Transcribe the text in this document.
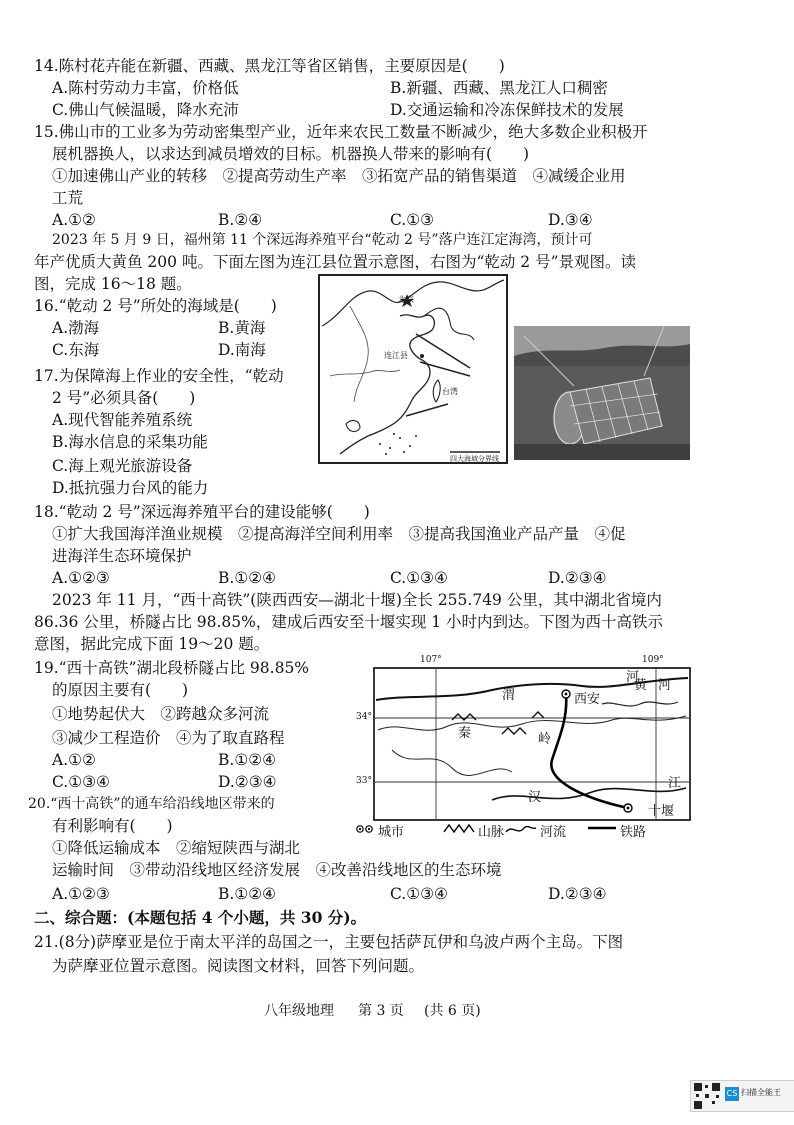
14.陈村花卉能在新疆、西藏、黑龙江等省区销售，主要原因是(　　)
A.陈村劳动力丰富，价格低	B.新疆、西藏、黑龙江人口稠密
C.佛山气候温暖，降水充沛	D.交通运输和冷冻保鲜技术的发展
15.佛山市的工业多为劳动密集型产业，近年来农民工数量不断减少，绝大多数企业积极开
展机器换人，以求达到减员增效的目标。机器换人带来的影响有(　　)
①加速佛山产业的转移　②提高劳动生产率　③拓宽产品的销售渠道　④减缓企业用
工荒
A.①②	B.②④	C.①③	D.③④
2023 年 5 月 9 日，福州第 11 个深远海养殖平台“乾动 2 号”落户连江定海湾，预计可
年产优质大黄鱼 200 吨。下面左图为连江县位置示意图，右图为“乾动 2 号”景观图。读
图，完成 16～18 题。
16.“乾动 2 号”所处的海域是(　　)
A.渤海	B.黄海
C.东海	D.南海
17.为保障海上作业的安全性，“乾动
2 号”必须具备(　　)
A.现代智能养殖系统
B.海水信息的采集功能
C.海上观光旅游设备
D.抵抗强力台风的能力
北京
连江县
台湾
四大海域分界线
18.“乾动 2 号”深远海养殖平台的建设能够(　　)
①扩大我国海洋渔业规模　②提高海洋空间利用率　③提高我国渔业产品产量　④促
进海洋生态环境保护
A.①②③	B.①②④	C.①③④	D.②③④
2023 年 11 月，“西十高铁”(陕西西安—湖北十堰)全长 255.749 公里，其中湖北省境内
86.36 公里，桥隧占比 98.85%，建成后西安至十堰实现 1 小时内到达。下图为西十高铁示
意图，据此完成下面 19～20 题。
19.“西十高铁”湖北段桥隧占比 98.85%
的原因主要有(　　)
①地势起伏大　②跨越众多河流
③减少工程造价　④为了取直路程
A.①②	B.①②④
C.①③④	D.②③④
107°	109°
34°
33°
西安
渭
河
黄 河
秦	岭
汉
江
十堰
城市	山脉	河流	铁路
20.“西十高铁”的通车给沿线地区带来的
有利影响有(　　)
①降低运输成本　②缩短陕西与湖北
运输时间　③带动沿线地区经济发展　④改善沿线地区的生态环境
A.①②③	B.①②④	C.①③④	D.②③④
二、综合题：(本题包括 4 个小题，共 30 分)。
21.(8分)萨摩亚是位于南太平洋的岛国之一，主要包括萨瓦伊和乌波卢两个主岛。下图
为萨摩亚位置示意图。阅读图文材料，回答下列问题。
八年级地理 第 3 页 (共 6 页)
CS 扫描全能王
